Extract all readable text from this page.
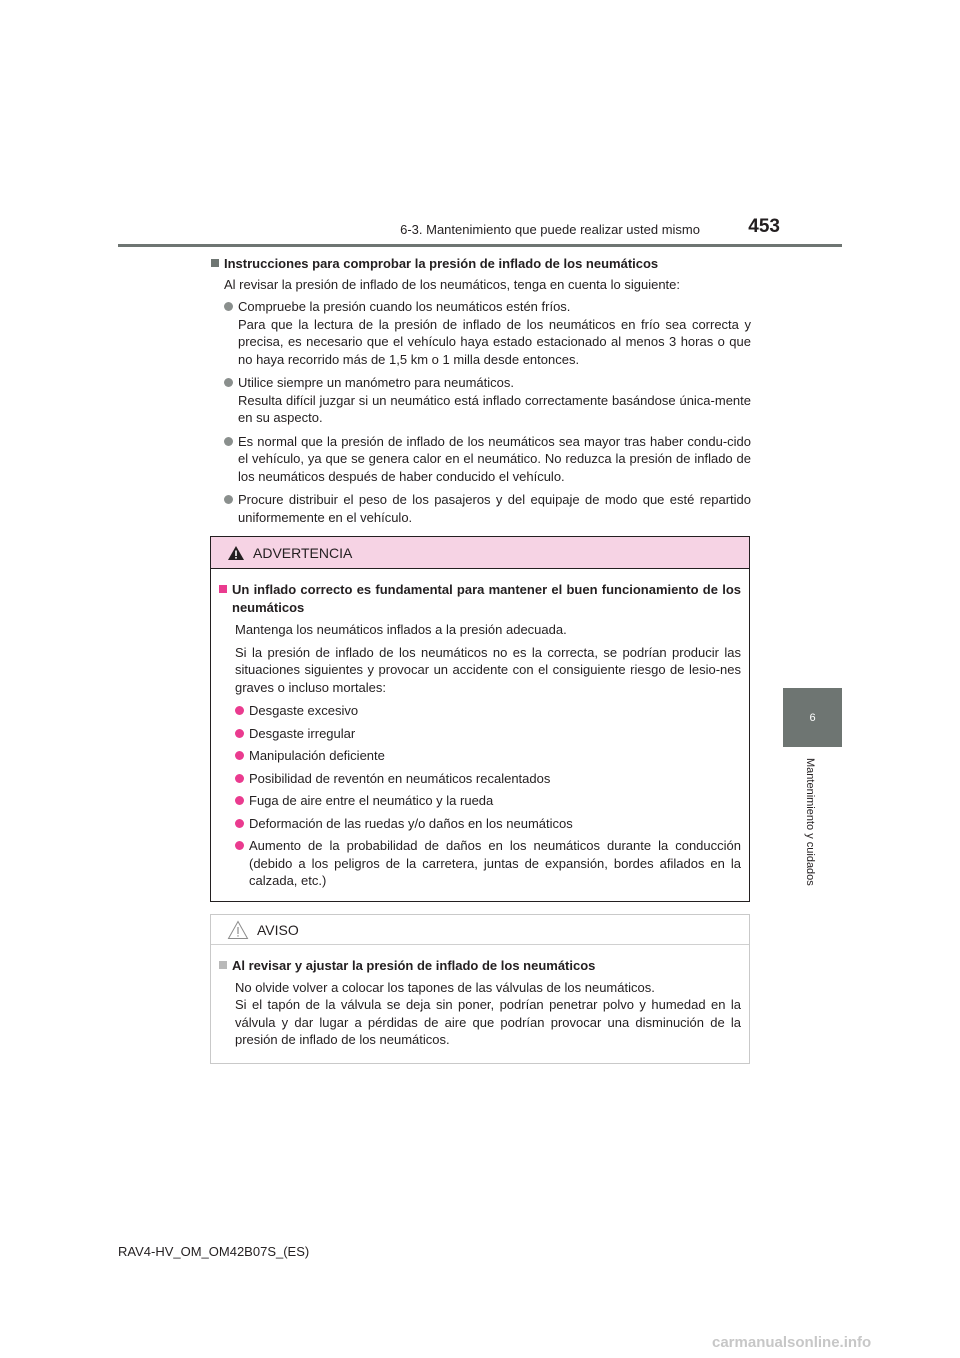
6-3. Mantenimiento que puede realizar usted mismo	453
6
Mantenimiento y cuidados
Instrucciones para comprobar la presión de inflado de los neumáticos
Al revisar la presión de inflado de los neumáticos, tenga en cuenta lo siguiente:
Compruebe la presión cuando los neumáticos estén fríos.
Para que la lectura de la presión de inflado de los neumáticos en frío sea correcta y precisa, es necesario que el vehículo haya estado estacionado al menos 3 horas o que no haya recorrido más de 1,5 km o 1 milla desde entonces.
Utilice siempre un manómetro para neumáticos.
Resulta difícil juzgar si un neumático está inflado correctamente basándose única-mente en su aspecto.
Es normal que la presión de inflado de los neumáticos sea mayor tras haber condu-cido el vehículo, ya que se genera calor en el neumático. No reduzca la presión de inflado de los neumáticos después de haber conducido el vehículo.
Procure distribuir el peso de los pasajeros y del equipaje de modo que esté repartido uniformemente en el vehículo.
ADVERTENCIA
Un inflado correcto es fundamental para mantener el buen funcionamiento de los neumáticos
Mantenga los neumáticos inflados a la presión adecuada.
Si la presión de inflado de los neumáticos no es la correcta, se podrían producir las situaciones siguientes y provocar un accidente con el consiguiente riesgo de lesio-nes graves o incluso mortales:
Desgaste excesivo
Desgaste irregular
Manipulación deficiente
Posibilidad de reventón en neumáticos recalentados
Fuga de aire entre el neumático y la rueda
Deformación de las ruedas y/o daños en los neumáticos
Aumento de la probabilidad de daños en los neumáticos durante la conducción (debido a los peligros de la carretera, juntas de expansión, bordes afilados en la calzada, etc.)
AVISO
Al revisar y ajustar la presión de inflado de los neumáticos
No olvide volver a colocar los tapones de las válvulas de los neumáticos.
Si el tapón de la válvula se deja sin poner, podrían penetrar polvo y humedad en la válvula y dar lugar a pérdidas de aire que podrían provocar una disminución de la presión de inflado de los neumáticos.
RAV4-HV_OM_OM42B07S_(ES)
carmanualsonline.info
